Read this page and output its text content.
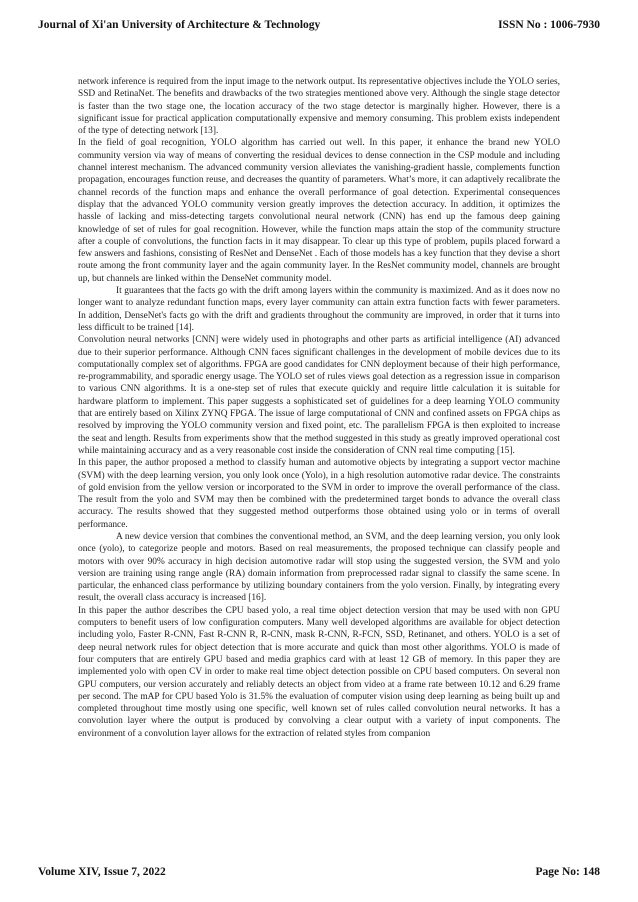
Journal of Xi'an University of Architecture & Technology	ISSN No : 1006-7930

network inference is required from the input image to the network output. Its representative objectives include the YOLO series, SSD and RetinaNet. The benefits and drawbacks of the two strategies mentioned above very. Although the single stage detector is faster than the two stage one, the location accuracy of the two stage detector is marginally higher. However, there is a significant issue for practical application computationally expensive and memory consuming. This problem exists independent of the type of detecting network [13].

In the field of goal recognition, YOLO algorithm has carried out well. In this paper, it enhance the brand new YOLO community version via way of means of converting the residual devices to dense connection in the CSP module and including channel interest mechanism. The advanced community version alleviates the vanishing-gradient hassle, complements function propagation, encourages function reuse, and decreases the quantity of parameters. What’s more, it can adaptively recalibrate the channel records of the function maps and enhance the overall performance of goal detection. Experimental consequences display that the advanced YOLO community version greatly improves the detection accuracy. In addition, it optimizes the hassle of lacking and miss-detecting targets convolutional neural network (CNN) has end up the famous deep gaining knowledge of set of rules for goal recognition. However, while the function maps attain the stop of the community structure after a couple of convolutions, the function facts in it may disappear. To clear up this type of problem, pupils placed forward a few answers and fashions, consisting of ResNet and DenseNet . Each of those models has a key function that they devise a short route among the front community layer and the again community layer. In the ResNet community model, channels are brought up, but channels are linked within the DenseNet community model.

It guarantees that the facts go with the drift among layers within the community is maximized. And as it does now no longer want to analyze redundant function maps, every layer community can attain extra function facts with fewer parameters. In addition, DenseNet's facts go with the drift and gradients throughout the community are improved, in order that it turns into less difficult to be trained [14].

Convolution neural networks [CNN] were widely used in photographs and other parts as artificial intelligence (AI) advanced due to their superior performance. Although CNN faces significant challenges in the development of mobile devices due to its computationally complex set of algorithms. FPGA are good candidates for CNN deployment because of their high performance, re-programmability, and sporadic energy usage. The YOLO set of rules views goal detection as a regression issue in comparison to various CNN algorithms. It is a one-step set of rules that execute quickly and require little calculation it is suitable for hardware platform to implement. This paper suggests a sophisticated set of guidelines for a deep learning YOLO community that are entirely based on Xilinx ZYNQ FPGA. The issue of large computational of CNN and confined assets on FPGA chips as resolved by improving the YOLO community version and fixed point, etc. The parallelism FPGA is then exploited to increase the seat and length. Results from experiments show that the method suggested in this study as greatly improved operational cost while maintaining accuracy and as a very reasonable cost inside the consideration of CNN real time computing [15].

In this paper, the author proposed a method to classify human and automotive objects by integrating a support vector machine (SVM) with the deep learning version, you only look once (Yolo), in a high resolution automotive radar device. The constraints of gold envision from the yellow version or incorporated to the SVM in order to improve the overall performance of the class. The result from the yolo and SVM may then be combined with the predetermined target bonds to advance the overall class accuracy. The results showed that they suggested method outperforms those obtained using yolo or in terms of overall performance.

A new device version that combines the conventional method, an SVM, and the deep learning version, you only look once (yolo), to categorize people and motors. Based on real measurements, the proposed technique can classify people and motors with over 90% accuracy in high decision automotive radar will stop using the suggested version, the SVM and yolo version are training using range angle (RA) domain information from preprocessed radar signal to classify the same scene. In particular, the enhanced class performance by utilizing boundary containers from the yolo version. Finally, by integrating every result, the overall class accuracy is increased [16].

In this paper the author describes the CPU based yolo, a real time object detection version that may be used with non GPU computers to benefit users of low configuration computers. Many well developed algorithms are available for object detection including yolo, Faster R-CNN, Fast R-CNN R, R-CNN, mask R-CNN, R-FCN, SSD, Retinanet, and others. YOLO is a set of deep neural network rules for object detection that is more accurate and quick than most other algorithms. YOLO is made of four computers that are entirely GPU based and media graphics card with at least 12 GB of memory. In this paper they are implemented yolo with open CV in order to make real time object detection possible on CPU based computers. On several non GPU computers, our version accurately and reliably detects an object from video at a frame rate between 10.12 and 6.29 frame per second. The mAP for CPU based Yolo is 31.5% the evaluation of computer vision using deep learning as being built up and completed throughout time mostly using one specific, well known set of rules called convolution neural networks. It has a convolution layer where the output is produced by convolving a clear output with a variety of input components. The environment of a convolution layer allows for the extraction of related styles from companion

Volume XIV, Issue 7, 2022	Page No: 148
